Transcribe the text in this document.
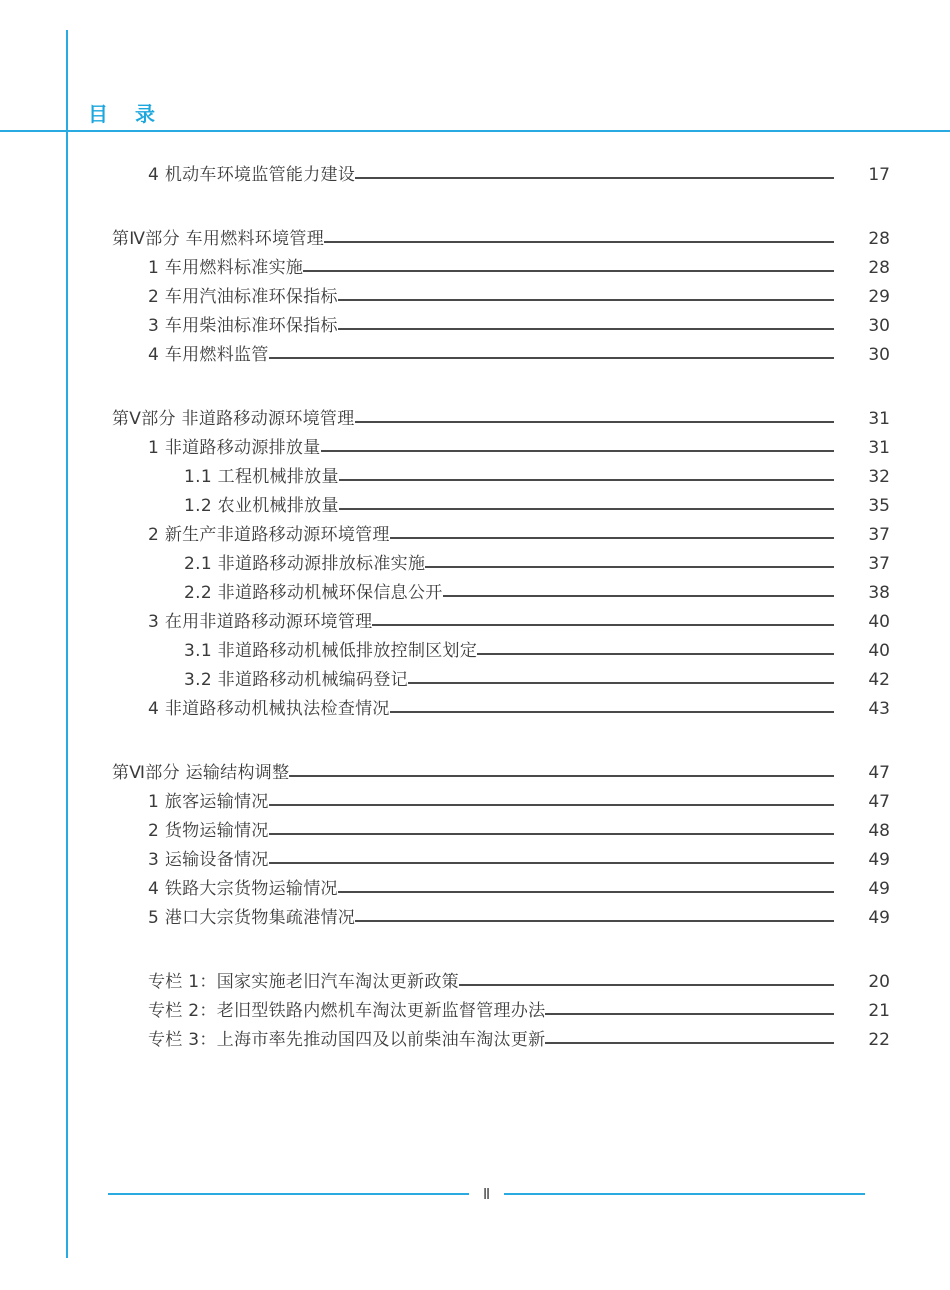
目 录
4 机动车环境监管能力建设	17
第Ⅳ部分 车用燃料环境管理	28
1 车用燃料标准实施	28
2 车用汽油标准环保指标	29
3 车用柴油标准环保指标	30
4 车用燃料监管	30
第Ⅴ部分 非道路移动源环境管理	31
1 非道路移动源排放量	31
1.1 工程机械排放量	32
1.2 农业机械排放量	35
2 新生产非道路移动源环境管理	37
2.1 非道路移动源排放标准实施	37
2.2 非道路移动机械环保信息公开	38
3 在用非道路移动源环境管理	40
3.1 非道路移动机械低排放控制区划定	40
3.2 非道路移动机械编码登记	42
4 非道路移动机械执法检查情况	43
第Ⅵ部分 运输结构调整	47
1 旅客运输情况	47
2 货物运输情况	48
3 运输设备情况	49
4 铁路大宗货物运输情况	49
5 港口大宗货物集疏港情况	49
专栏 1：国家实施老旧汽车淘汰更新政策	20
专栏 2：老旧型铁路内燃机车淘汰更新监督管理办法	21
专栏 3：上海市率先推动国四及以前柴油车淘汰更新	22
Ⅱ
